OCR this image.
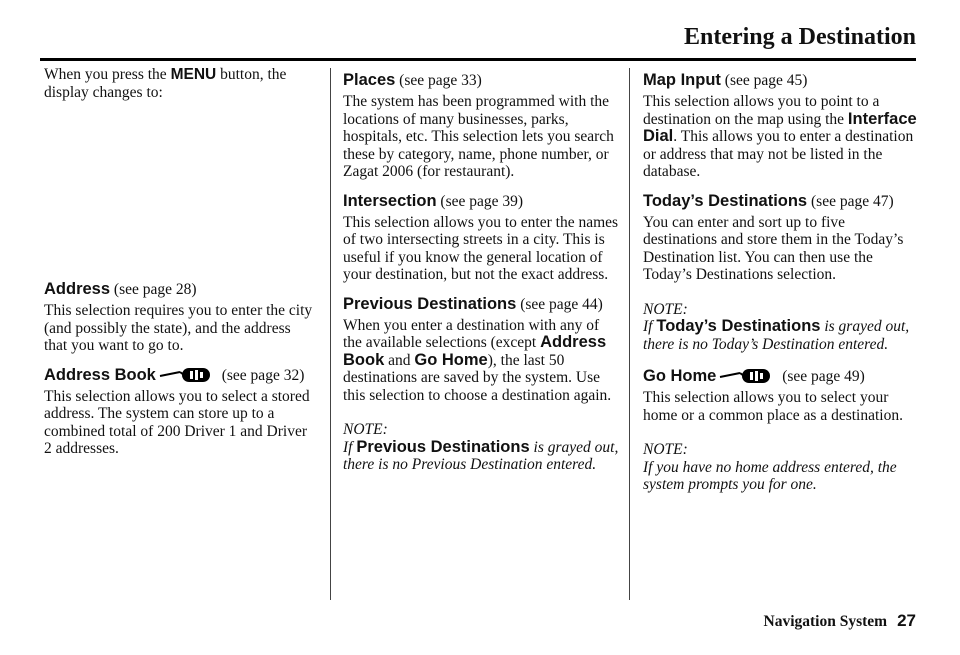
Entering a Destination

When you press the MENU button, the display changes to:

Address (see page 28)

This selection requires you to enter the city (and possibly the state), and the address that you want to go to.

Address Book	(see page 32)

This selection allows you to select a stored address. The system can store up to a combined total of 200 Driver 1 and Driver 2 addresses.

Places (see page 33)

The system has been programmed with the locations of many businesses, parks, hospitals, etc. This selection lets you search these by category, name, phone number, or Zagat 2006 (for restaurant).

Intersection (see page 39)

This selection allows you to enter the names of two intersecting streets in a city. This is useful if you know the general location of your destination, but not the exact address.

Previous Destinations (see page 44)

When you enter a destination with any of the available selections (except Address Book and Go Home), the last 50 destinations are saved by the system. Use this selection to choose a destination again.

NOTE:

If Previous Destinations is grayed out, there is no Previous Destination entered.

Map Input (see page 45)

This selection allows you to point to a destination on the map using the Interface Dial. This allows you to enter a destination or address that may not be listed in the database.

Today’s Destinations (see page 47)

You can enter and sort up to five destinations and store them in the Today’s Destination list. You can then use the Today’s Destinations selection.

NOTE:

If Today’s Destinations is grayed out, there is no Today’s Destination entered.

Go Home	(see page 49)

This selection allows you to select your home or a common place as a destination.

NOTE:

If you have no home address entered, the system prompts you for one.

Navigation System 27
